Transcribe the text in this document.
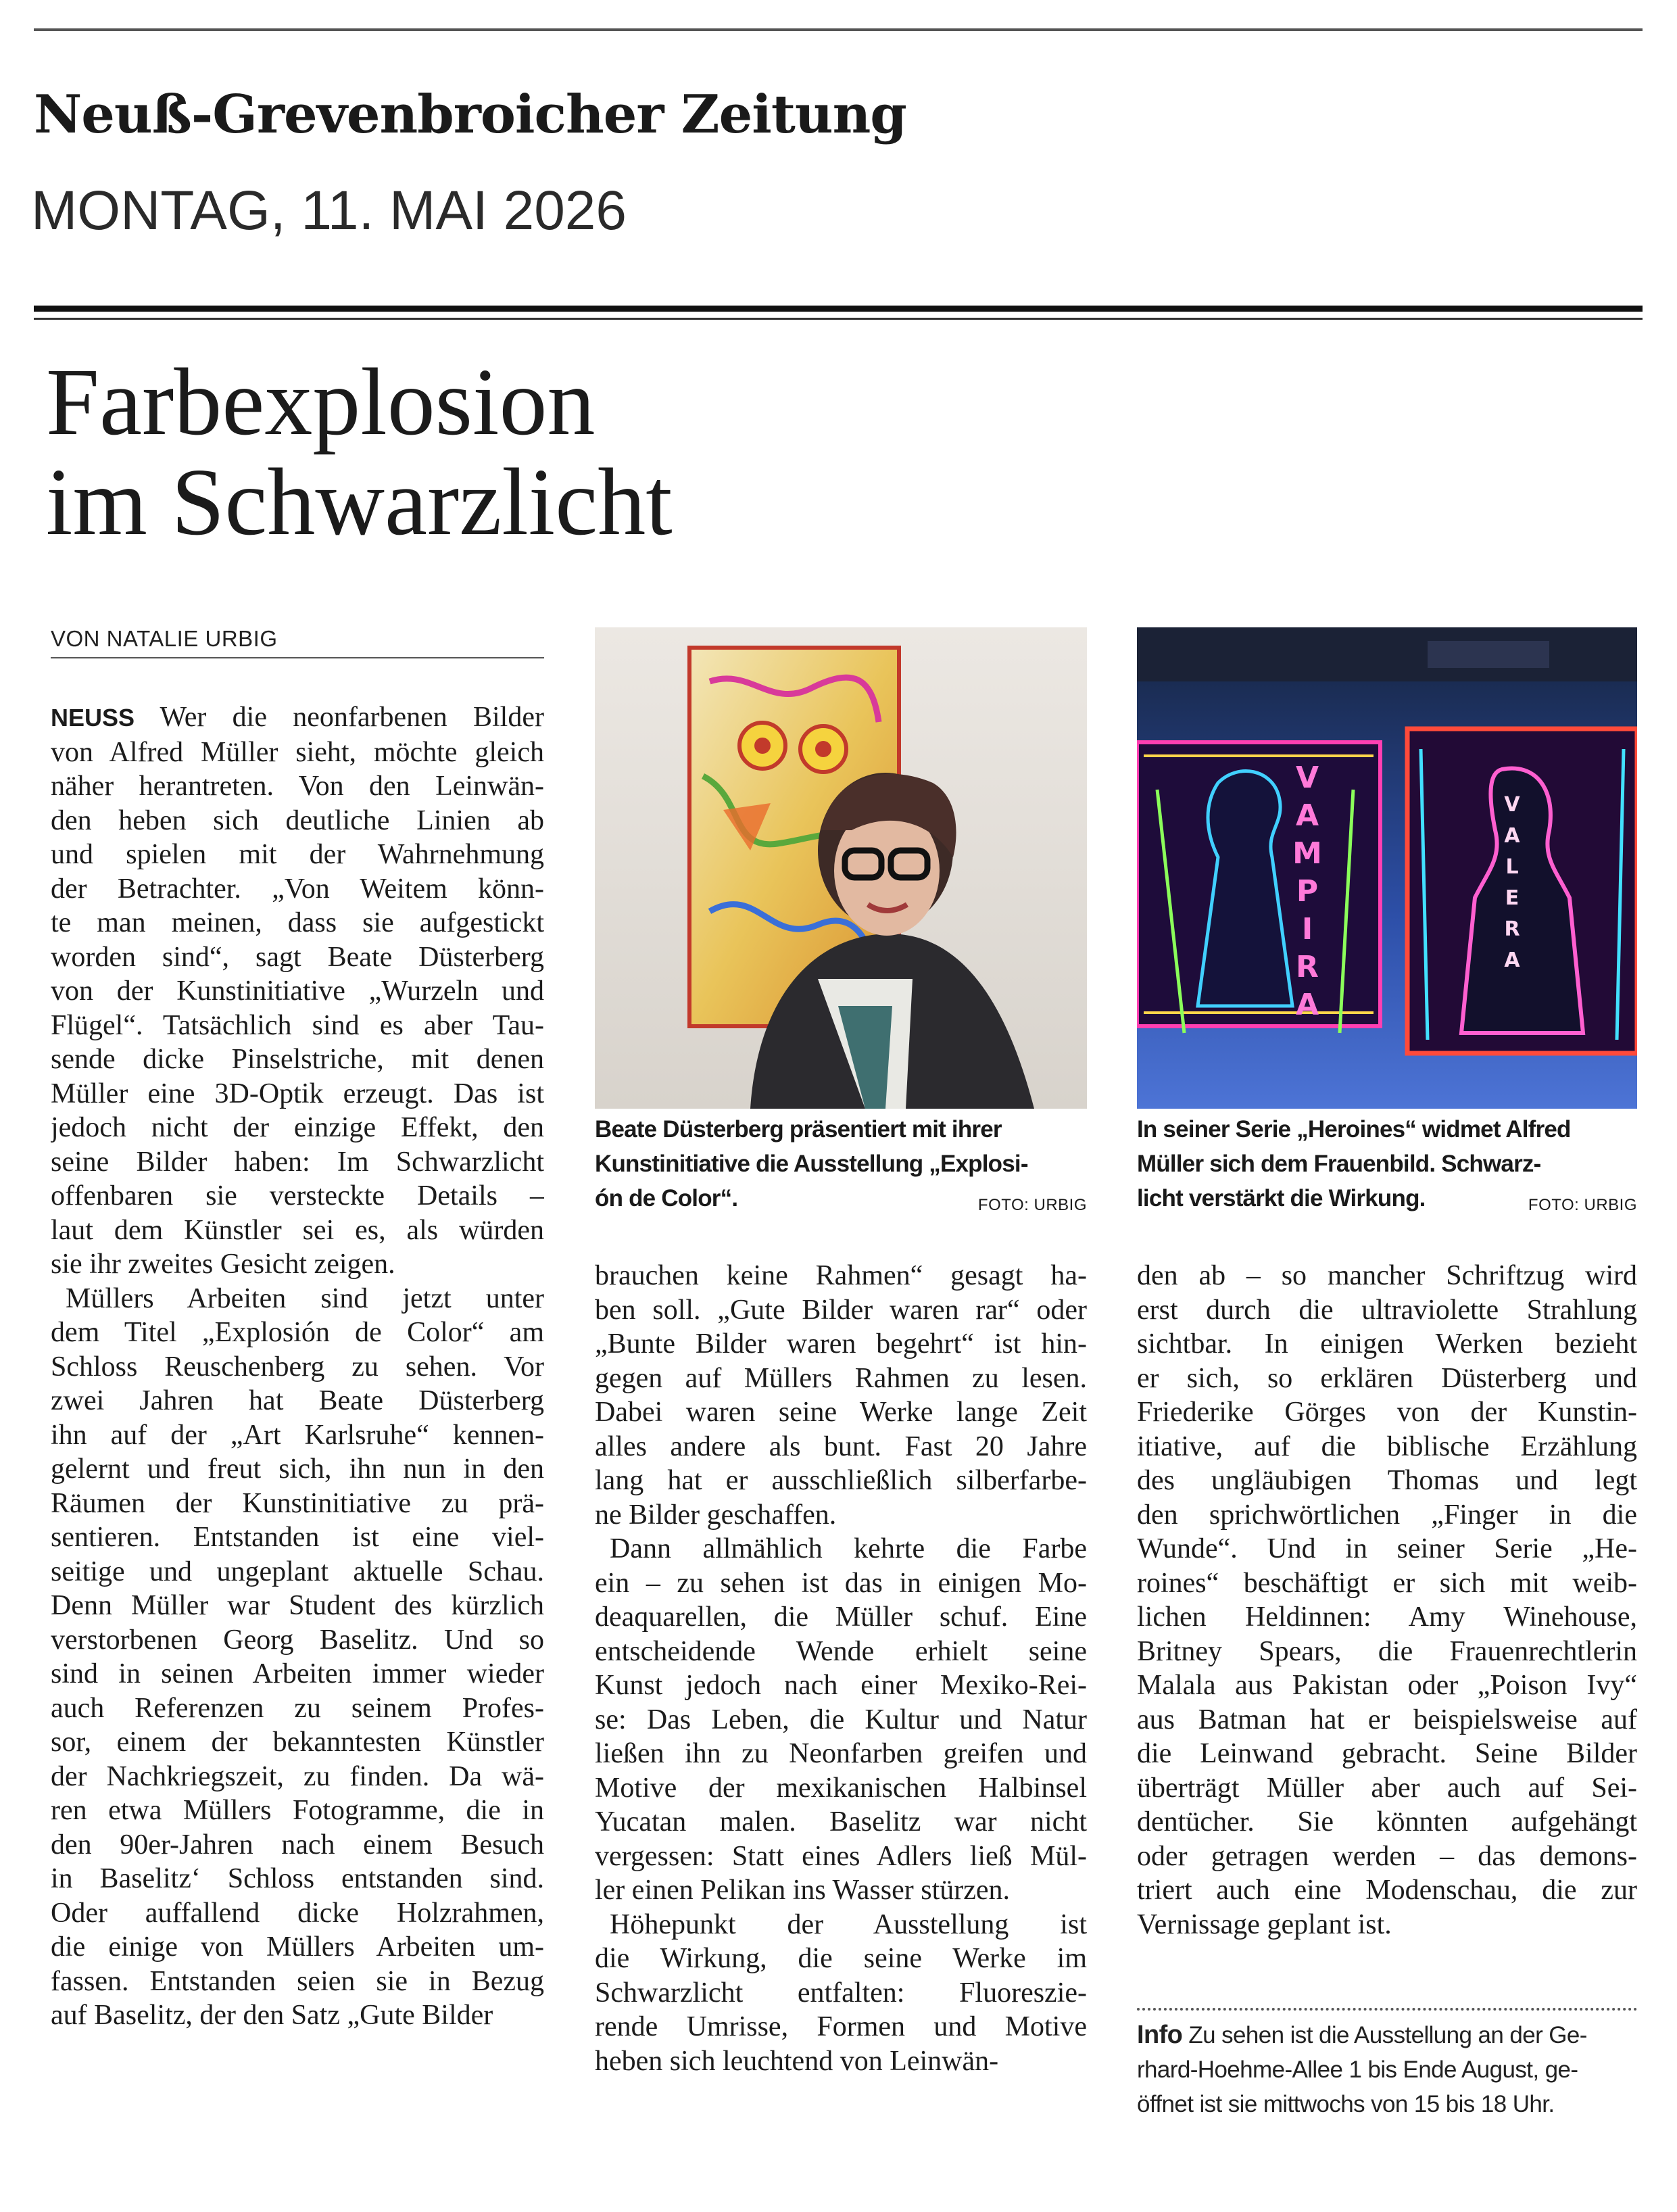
Neuß-Grevenbroicher Zeitung
MONTAG, 11. MAI 2026
Farbexplosion
im Schwarzlicht
VON NATALIE URBIG

NEUSS Wer die neonfarbenen Bilder

von Alfred Müller sieht, möchte gleich

näher herantreten. Von den Leinwän-

den heben sich deutliche Linien ab

und spielen mit der Wahrnehmung

der Betrachter. „Von Weitem könn-

te man meinen, dass sie aufgestickt

worden sind“, sagt Beate Düsterberg

von der Kunstinitiative „Wurzeln und

Flügel“. Tatsächlich sind es aber Tau-

sende dicke Pinselstriche, mit denen

Müller eine 3D-Optik erzeugt. Das ist

jedoch nicht der einzige Effekt, den

seine Bilder haben: Im Schwarzlicht

offenbaren sie versteckte Details –

laut dem Künstler sei es, als würden

sie ihr zweites Gesicht zeigen.

Müllers Arbeiten sind jetzt unter

dem Titel „Explosión de Color“ am

Schloss Reuschenberg zu sehen. Vor

zwei Jahren hat Beate Düsterberg

ihn auf der „Art Karlsruhe“ kennen-

gelernt und freut sich, ihn nun in den

Räumen der Kunstinitiative zu prä-

sentieren. Entstanden ist eine viel-

seitige und ungeplant aktuelle Schau.

Denn Müller war Student des kürzlich

verstorbenen Georg Baselitz. Und so

sind in seinen Arbeiten immer wieder

auch Referenzen zu seinem Profes-

sor, einem der bekanntesten Künstler

der Nachkriegszeit, zu finden. Da wä-

ren etwa Müllers Fotogramme, die in

den 90er-Jahren nach einem Besuch

in Baselitz‘ Schloss entstanden sind.

Oder auffallend dicke Holzrahmen,

die einige von Müllers Arbeiten um-

fassen. Entstanden seien sie in Bezug

auf Baselitz, der den Satz „Gute Bilder

Beate Düsterberg präsentiert mit ihrer

Kunstinitiative die Ausstellung „Explosi-

ón de Color“.	FOTO: URBIG

brauchen keine Rahmen“ gesagt ha-

ben soll. „Gute Bilder waren rar“ oder

„Bunte Bilder waren begehrt“ ist hin-

gegen auf Müllers Rahmen zu lesen.

Dabei waren seine Werke lange Zeit

alles andere als bunt. Fast 20 Jahre

lang hat er ausschließlich silberfarbe-

ne Bilder geschaffen.

Dann allmählich kehrte die Farbe

ein – zu sehen ist das in einigen Mo-

deaquarellen, die Müller schuf. Eine

entscheidende Wende erhielt seine

Kunst jedoch nach einer Mexiko-Rei-

se: Das Leben, die Kultur und Natur

ließen ihn zu Neonfarben greifen und

Motive der mexikanischen Halbinsel

Yucatan malen. Baselitz war nicht

vergessen: Statt eines Adlers ließ Mül-

ler einen Pelikan ins Wasser stürzen.

Höhepunkt der Ausstellung ist

die Wirkung, die seine Werke im

Schwarzlicht entfalten: Fluoreszie-

rende Umrisse, Formen und Motive

heben sich leuchtend von Leinwän-

V
A
M
P
I
R
A
V
A
L
E
R
A

In seiner Serie „Heroines“ widmet Alfred

Müller sich dem Frauenbild. Schwarz-

licht verstärkt die Wirkung.	FOTO: URBIG

den ab – so mancher Schriftzug wird

erst durch die ultraviolette Strahlung

sichtbar. In einigen Werken bezieht

er sich, so erklären Düsterberg und

Friederike Görges von der Kunstin-

itiative, auf die biblische Erzählung

des ungläubigen Thomas und legt

den sprichwörtlichen „Finger in die

Wunde“. Und in seiner Serie „He-

roines“ beschäftigt er sich mit weib-

lichen Heldinnen: Amy Winehouse,

Britney Spears, die Frauenrechtlerin

Malala aus Pakistan oder „Poison Ivy“

aus Batman hat er beispielsweise auf

die Leinwand gebracht. Seine Bilder

überträgt Müller aber auch auf Sei-

dentücher. Sie könnten aufgehängt

oder getragen werden – das demons-

triert auch eine Modenschau, die zur

Vernissage geplant ist.

Info Zu sehen ist die Ausstellung an der Ge-

rhard-Hoehme-Allee 1 bis Ende August, ge-

öffnet ist sie mittwochs von 15 bis 18 Uhr.
